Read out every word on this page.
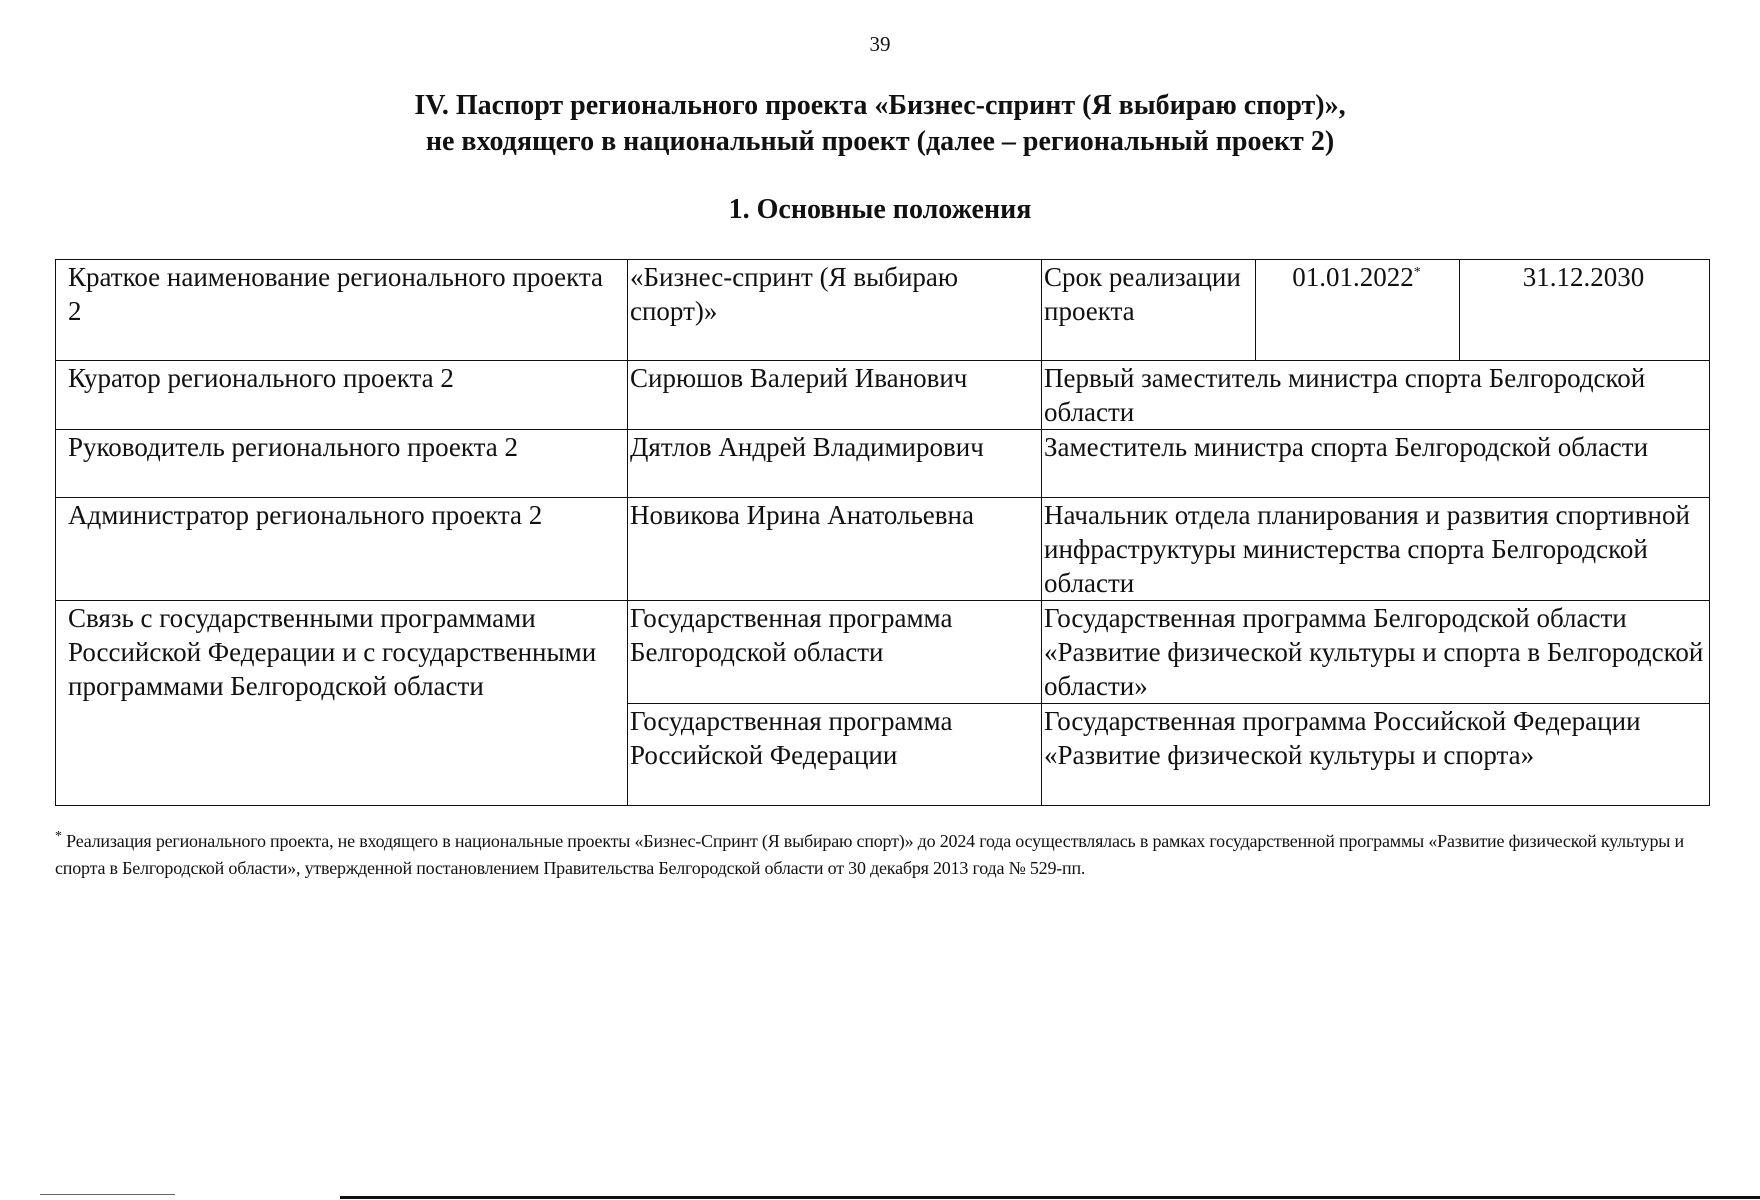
39
IV. Паспорт регионального проекта «Бизнес-спринт (Я выбираю спорт)»,
не входящего в национальный проект (далее – региональный проект 2)
1. Основные положения
Краткое наименование регионального проекта 2	«Бизнес-спринт (Я выбираю спорт)»	Срок реализации проекта	01.01.2022*	31.12.2030
Куратор регионального проекта 2	Сирюшов Валерий Иванович	Первый заместитель министра спорта Белгородской области		
Руководитель регионального проекта 2	Дятлов Андрей Владимирович	Заместитель министра спорта Белгородской области		
Администратор регионального проекта 2	Новикова Ирина Анатольевна	Начальник отдела планирования и развития спортивной инфраструктуры министерства спорта Белгородской области		
Связь с государственными программами Российской Федерации и с государственными программами Белгородской области	Государственная программа Белгородской области	Государственная программа Белгородской области «Развитие физической культуры и спорта в Белгородской области»		
	Государственная программа Российской Федерации	Государственная программа Российской Федерации «Развитие физической культуры и спорта»		
* Реализация регионального проекта, не входящего в национальные проекты «Бизнес-Спринт (Я выбираю спорт)» до 2024 года осуществлялась в рамках государственной программы «Развитие физической культуры и спорта в Белгородской области», утвержденной постановлением Правительства Белгородской области от 30 декабря 2013 года № 529-пп.
